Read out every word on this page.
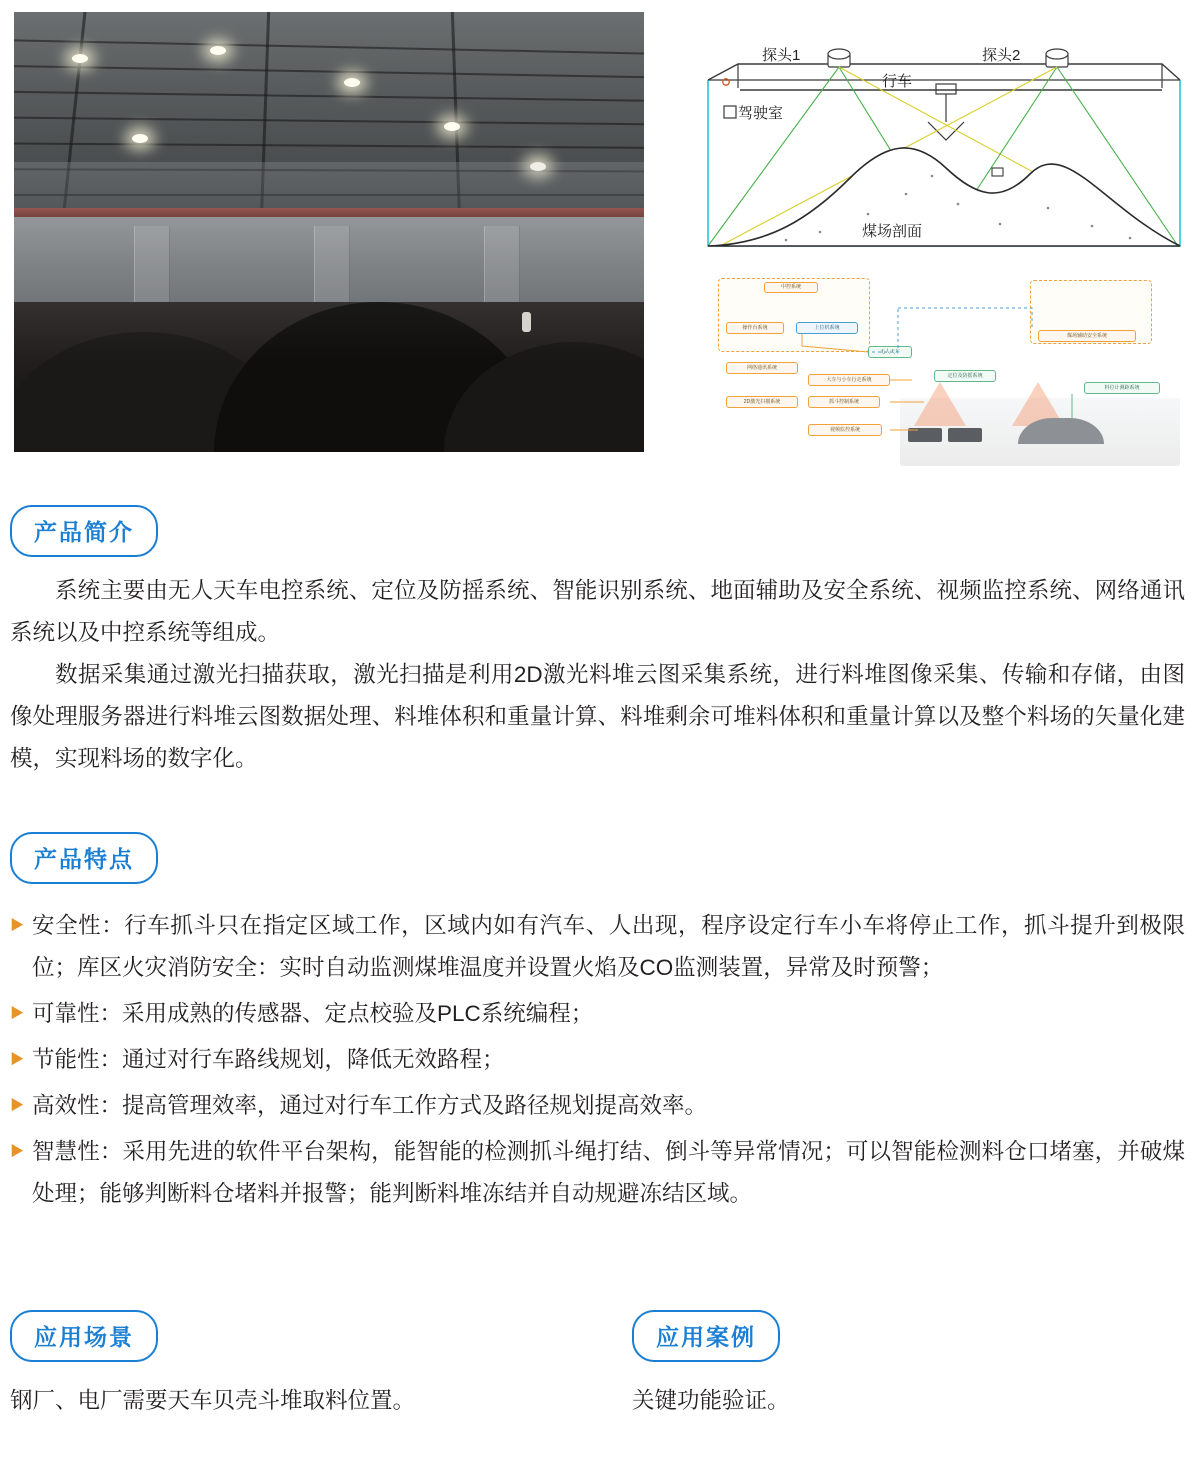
探头1	探头2
行车
驾驶室
煤场剖面
中控系统
上位机系统
操作台系统
网络通讯系统
无人天车
大车与小车行走系统
2D激光扫描系统	抓斗控制系统
煤场辅助安全系统
视频监控系统
定位及防摇系统
料位计测距系统
产品简介
系统主要由无人天车电控系统、定位及防摇系统、智能识别系统、地面辅助及安全系统、视频监控系统、网络通讯系统以及中控系统等组成。
数据采集通过激光扫描获取，激光扫描是利用2D激光料堆云图采集系统，进行料堆图像采集、传输和存储，由图像处理服务器进行料堆云图数据处理、料堆体积和重量计算、料堆剩余可堆料体积和重量计算以及整个料场的矢量化建模，实现料场的数字化。
产品特点
▶ 安全性：行车抓斗只在指定区域工作，区域内如有汽车、人出现，程序设定行车小车将停止工作，抓斗提升到极限位；库区火灾消防安全：实时自动监测煤堆温度并设置火焰及CO监测装置，异常及时预警；
▶ 可靠性：采用成熟的传感器、定点校验及PLC系统编程；
▶ 节能性：通过对行车路线规划，降低无效路程；
▶ 高效性：提高管理效率，通过对行车工作方式及路径规划提高效率。
▶ 智慧性：采用先进的软件平台架构，能智能的检测抓斗绳打结、倒斗等异常情况；可以智能检测料仓口堵塞，并破煤处理；能够判断料仓堵料并报警；能判断料堆冻结并自动规避冻结区域。
应用场景
钢厂、电厂需要天车贝壳斗堆取料位置。
应用案例
关键功能验证。
